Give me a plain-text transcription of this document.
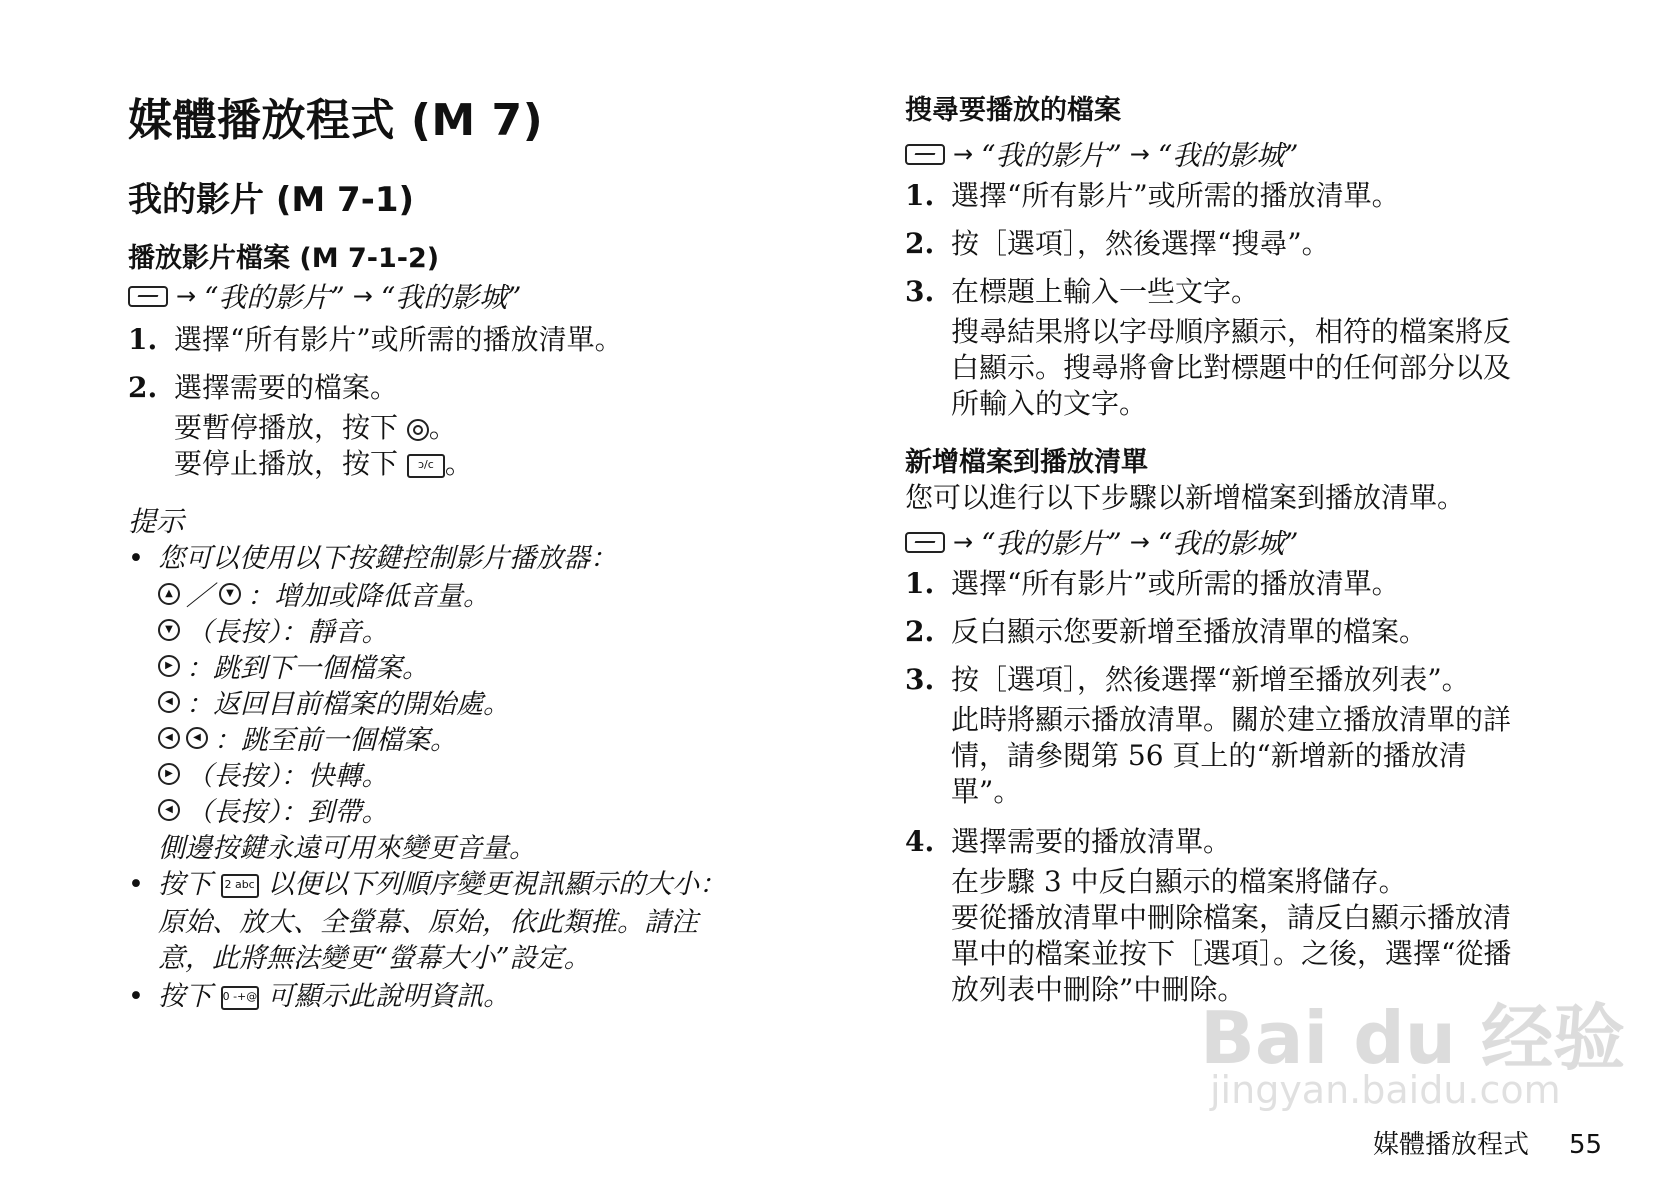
媒體播放程式 (M 7)
我的影片 (M 7-1)
播放影片檔案 (M 7-1-2)
→ “我的影片” → “我的影城”
1. 選擇“所有影片”或所需的播放清單。
2. 選擇需要的檔案。
要暫停播放，按下 。
要停止播放，按下 ɔ/c 。
提示
• 您可以使用以下按鍵控制影片播放器：
▲ ／ ▼ ：增加或降低音量。
▼ （長按）：靜音。
▶ ：跳到下一個檔案。
◀ ：返回目前檔案的開始處。
◀ ◀ ：跳至前一個檔案。
▶ （長按）：快轉。
◀ （長按）：到帶。
側邊按鍵永遠可用來變更音量。
• 按下 2 abc 以便以下列順序變更視訊顯示的大小：
原始、放大、全螢幕、原始，依此類推。請注
意，此將無法變更“螢幕大小”設定。
• 按下 0 -+@ 可顯示此說明資訊。
搜尋要播放的檔案
→ “我的影片” → “我的影城”
1. 選擇“所有影片”或所需的播放清單。
2. 按［選項］，然後選擇“搜尋”。
3. 在標題上輸入一些文字。
搜尋結果將以字母順序顯示，相符的檔案將反
白顯示。搜尋將會比對標題中的任何部分以及
所輸入的文字。
新增檔案到播放清單
您可以進行以下步驟以新增檔案到播放清單。
→ “我的影片” → “我的影城”
1. 選擇“所有影片”或所需的播放清單。
2. 反白顯示您要新增至播放清單的檔案。
3. 按［選項］，然後選擇“新增至播放列表”。
此時將顯示播放清單。關於建立播放清單的詳
情，請參閱第 56 頁上的“新增新的播放清
單”。
4. 選擇需要的播放清單。
在步驟 3 中反白顯示的檔案將儲存。
要從播放清單中刪除檔案，請反白顯示播放清
單中的檔案並按下［選項］。之後，選擇“從播
放列表中刪除”中刪除。
Bai du 经验
jingyan.baidu.com
媒體播放程式 55
